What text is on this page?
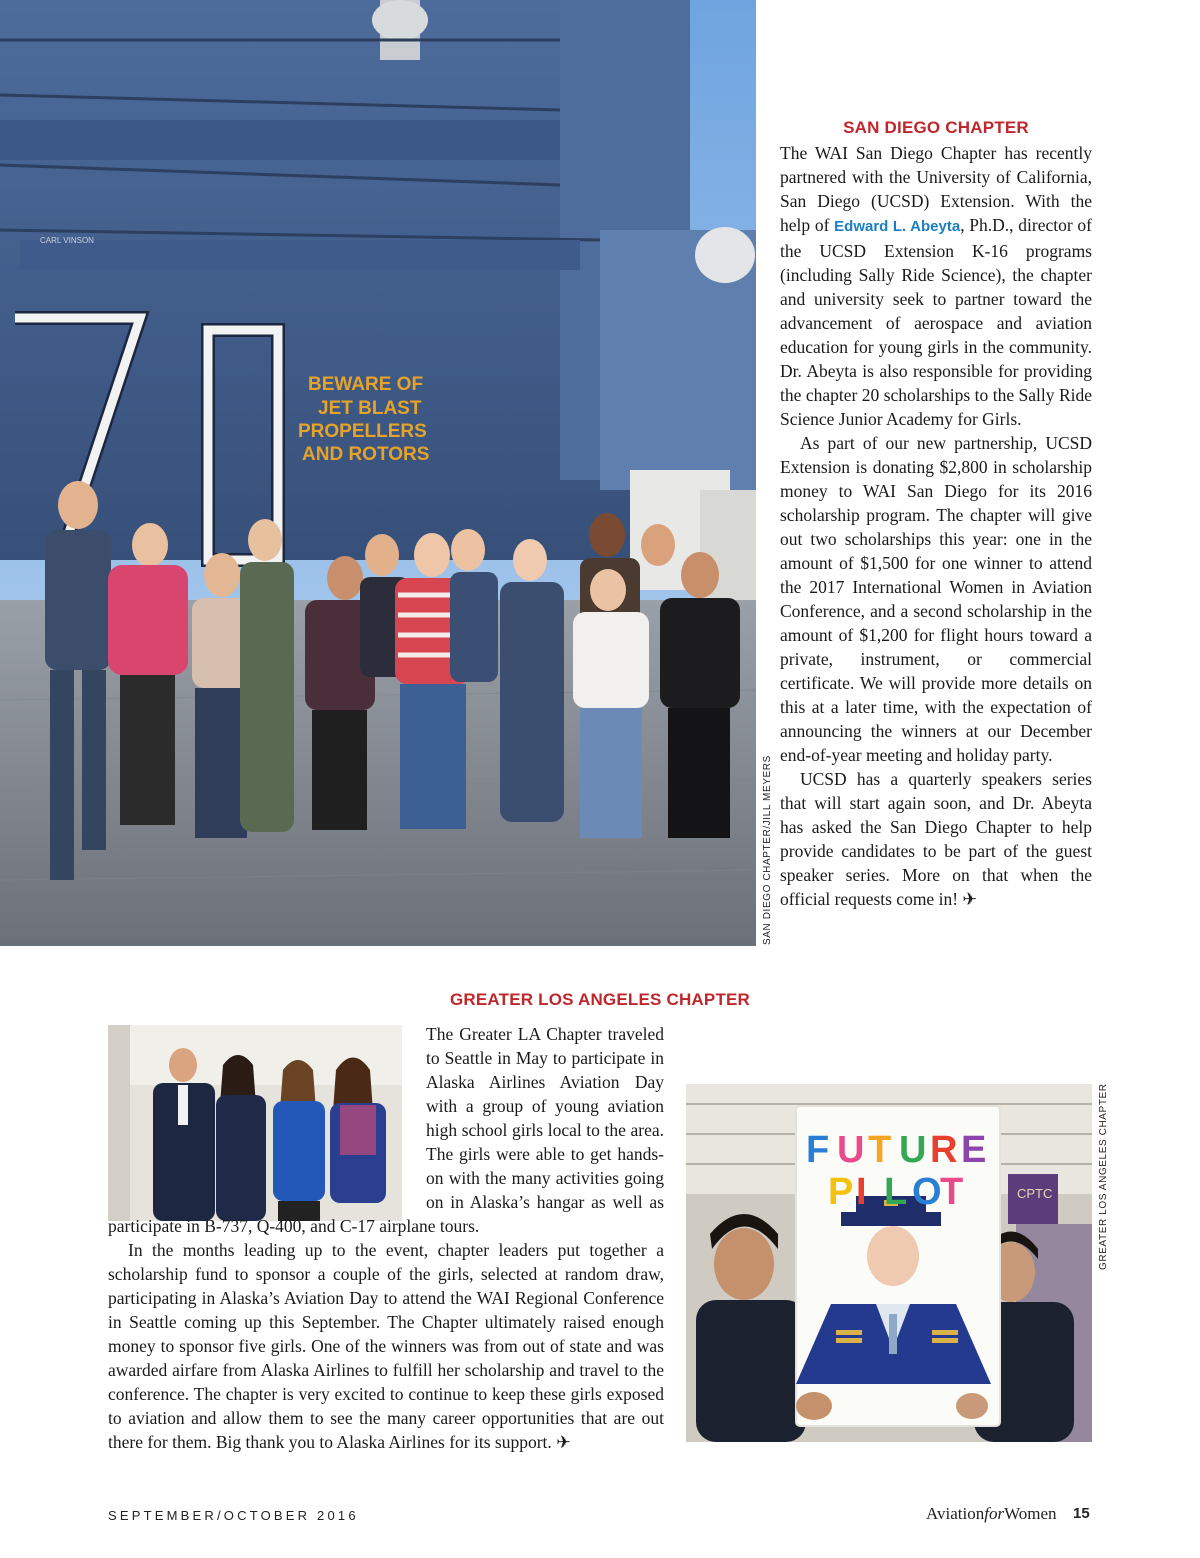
CARL VINSON
BEWARE OF
JET BLAST
PROPELLERS
AND ROTORS
SAN DIEGO CHAPTER/JILL MEYERS
SAN DIEGO CHAPTER

The WAI San Diego Chapter has recently partnered with the University of California, San Diego (UCSD) Extension. With the help of Edward L. Abeyta, Ph.D., director of the UCSD Extension K-16 programs (including Sally Ride Science), the chapter and university seek to partner toward the advancement of aerospace and aviation education for young girls in the community. Dr. Abeyta is also responsible for providing the chapter 20 scholarships to the Sally Ride Science Junior Academy for Girls.

As part of our new partnership, UCSD Extension is donating $2,800 in scholarship money to WAI San Diego for its 2016 scholarship program. The chapter will give out two scholarships this year: one in the amount of $1,500 for one winner to attend the 2017 International Women in Aviation Conference, and a second scholarship in the amount of $1,200 for flight hours toward a private, instrument, or commercial certificate. We will provide more details on this at a later time, with the expectation of announcing the winners at our December end-of-year meeting and holiday party.

UCSD has a quarterly speakers series that will start again soon, and Dr. Abeyta has asked the San Diego Chapter to help provide candidates to be part of the guest speaker series. More on that when the official requests come in! ✈

GREATER LOS ANGELES CHAPTER

The Greater LA Chapter traveled to Seattle in May to participate in Alaska Airlines Aviation Day with a group of young aviation high school girls local to the area. The girls were able to get hands-on with the many activities going on in Alaska’s hangar as well as participate in B-737, Q-400, and C-17 airplane tours.

In the months leading up to the event, chapter leaders put together a scholarship fund to sponsor a couple of the girls, selected at random draw, participating in Alaska’s Aviation Day to attend the WAI Regional Conference in Seattle coming up this September. The Chapter ultimately raised enough money to sponsor five girls. One of the winners was from out of state and was awarded airfare from Alaska Airlines to fulfill her scholarship and travel to the conference. The chapter is very excited to continue to keep these girls exposed to aviation and allow them to see the many career opportunities that are out there for them. Big thank you to Alaska Airlines for its support. ✈

CPTC
F U T U R E
P I L O
T	GREATER LOS ANGELES CHAPTER
SEPTEMBER/OCTOBER 2016	AviationforWomen 15
